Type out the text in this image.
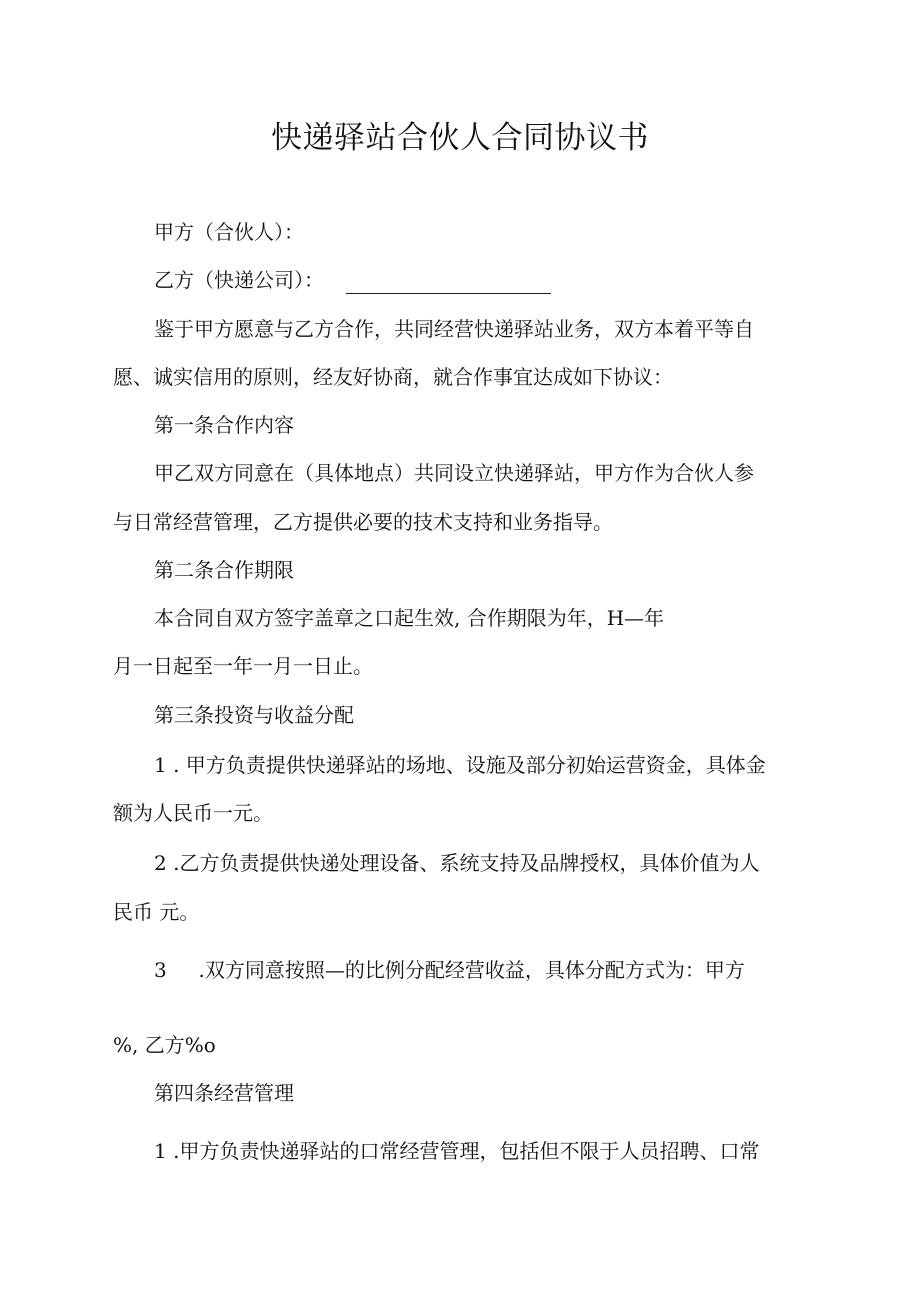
快递驿站合伙人合同协议书
甲方（合伙人）：
乙方（快递公司）：
鉴于甲方愿意与乙方合作，共同经营快递驿站业务，双方本着平等自
愿、诚实信用的原则，经友好协商，就合作事宜达成如下协议：
第一条合作内容
甲乙双方同意在（具体地点）共同设立快递驿站，甲方作为合伙人参
与日常经营管理，乙方提供必要的技术支持和业务指导。
第二条合作期限
本合同自双方签字盖章之口起生效, 合作期限为年，H—年
月一日起至一年一月一日止。
第三条投资与收益分配
1 . 甲方负责提供快递驿站的场地、设施及部分初始运营资金，具体金
额为人民币一元。
2 .乙方负责提供快递处理设备、系统支持及品牌授权，具体价值为人
民币 元。
3     .双方同意按照—的比例分配经营收益，具体分配方式为：甲方
%, 乙方%o
第四条经营管理
1 .甲方负责快递驿站的口常经营管理，包括但不限于人员招聘、口常
